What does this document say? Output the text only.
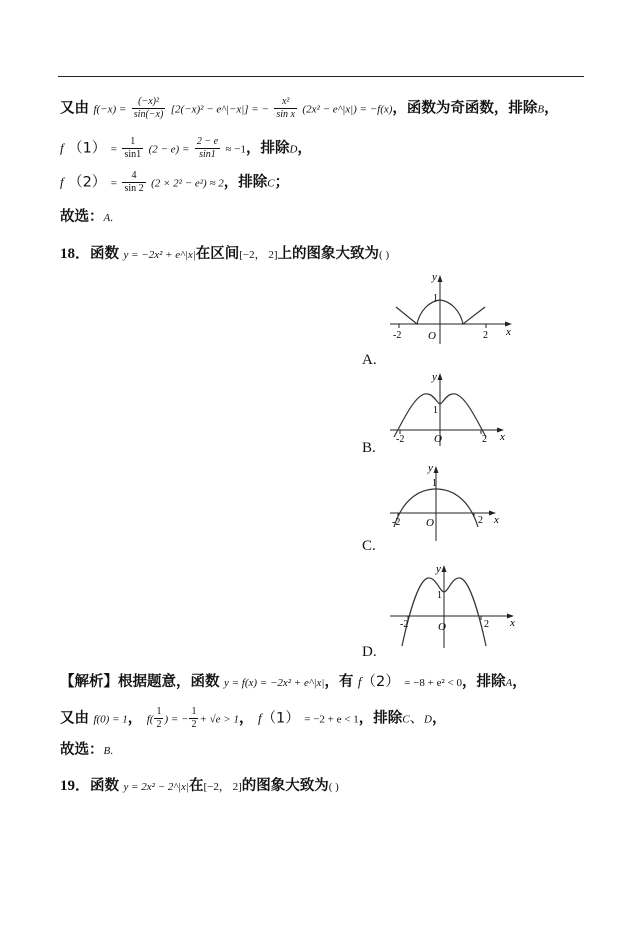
又由 $f(-x) = \frac{\text{(−x)²}}{\sin(-x)} [2(-x)^2$ − e^|−x|] = − $\frac{\text{x²}}{\text{sin x}} (2x^2$ − e^|x|) = −f(x)，函数为奇函数，排除B，
f $(1) = \frac{1}{\sin 1} (2 - e) = \frac{2 - e}{\sin 1} \approx -1$，排除D，
f $(2) = \frac{4}{\sin 2} (2 \times 2^2 - e^2) \approx 2$，排除C；
故选：A.
18．函数 y = −2x² + e^|x|在区间[−2， 2]上的图象大致为( )
y
x
1
O
-2	2
A.
y
x
1
O
-2	2
B.
y
x
1
O
-2	2
C.
y
x
1
O
-2	2
D.
【解析】根据题意，函数 y = f(x) = −2x² + e^|x|，有 f（2） = −8 + e² < 0，排除A，
又由 f(0) = 1， $f( \frac{1}{2}$ ) = − $\frac{1}{2} + √e > 1$， f（1） = −2 + e < 1，排除C、D，
故选：B.
19．函数 y = 2x² − 2^|x|在[−2， 2]的图象大致为( )
